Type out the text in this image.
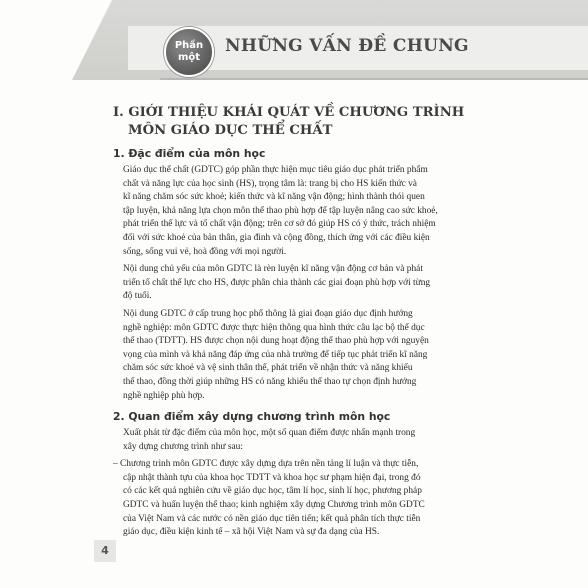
Phần
một
NHỮNG VẤN ĐỀ CHUNG
I. GIỚI THIỆU KHÁI QUÁT VỀ CHƯƠNG TRÌNH
MÔN GIÁO DỤC THỂ CHẤT
1. Đặc điểm của môn học

Giáo dục thể chất (GDTC) góp phần thực hiện mục tiêu giáo dục phát triển phẩm
chất và năng lực của học sinh (HS), trọng tâm là: trang bị cho HS kiến thức và
kĩ năng chăm sóc sức khoẻ; kiến thức và kĩ năng vận động; hình thành thói quen
tập luyện, khả năng lựa chọn môn thể thao phù hợp để tập luyện nâng cao sức khoẻ,
phát triển thể lực và tố chất vận động; trên cơ sở đó giúp HS có ý thức, trách nhiệm
đối với sức khoẻ của bản thân, gia đình và cộng đồng, thích ứng với các điều kiện
sống, sống vui vẻ, hoà đồng với mọi người.

Nội dung chủ yếu của môn GDTC là rèn luyện kĩ năng vận động cơ bản và phát
triển tố chất thể lực cho HS, được phân chia thành các giai đoạn phù hợp với từng
độ tuổi.

Nội dung GDTC ở cấp trung học phổ thông là giai đoạn giáo dục định hướng
nghề nghiệp: môn GDTC được thực hiện thông qua hình thức câu lạc bộ thể dục
thể thao (TDTT). HS được chọn nội dung hoạt động thể thao phù hợp với nguyện
vọng của mình và khả năng đáp ứng của nhà trường để tiếp tục phát triển kĩ năng
chăm sóc sức khoẻ và vệ sinh thân thể, phát triển về nhận thức và năng khiếu
thể thao, đồng thời giúp những HS có năng khiếu thể thao tự chọn định hướng
nghề nghiệp phù hợp.

2. Quan điểm xây dựng chương trình môn học

Xuất phát từ đặc điểm của môn học, một số quan điểm được nhấn mạnh trong
xây dựng chương trình như sau:

– Chương trình môn GDTC được xây dựng dựa trên nền tảng lí luận và thực tiễn,
cập nhật thành tựu của khoa học TDTT và khoa học sư phạm hiện đại, trong đó
có các kết quả nghiên cứu về giáo dục học, tâm lí học, sinh lí học, phương pháp
GDTC và huấn luyện thể thao; kinh nghiệm xây dựng Chương trình môn GDTC
của Việt Nam và các nước có nền giáo dục tiên tiến; kết quả phân tích thực tiễn
giáo dục, điều kiện kinh tế – xã hội Việt Nam và sự đa dạng của HS.

4
